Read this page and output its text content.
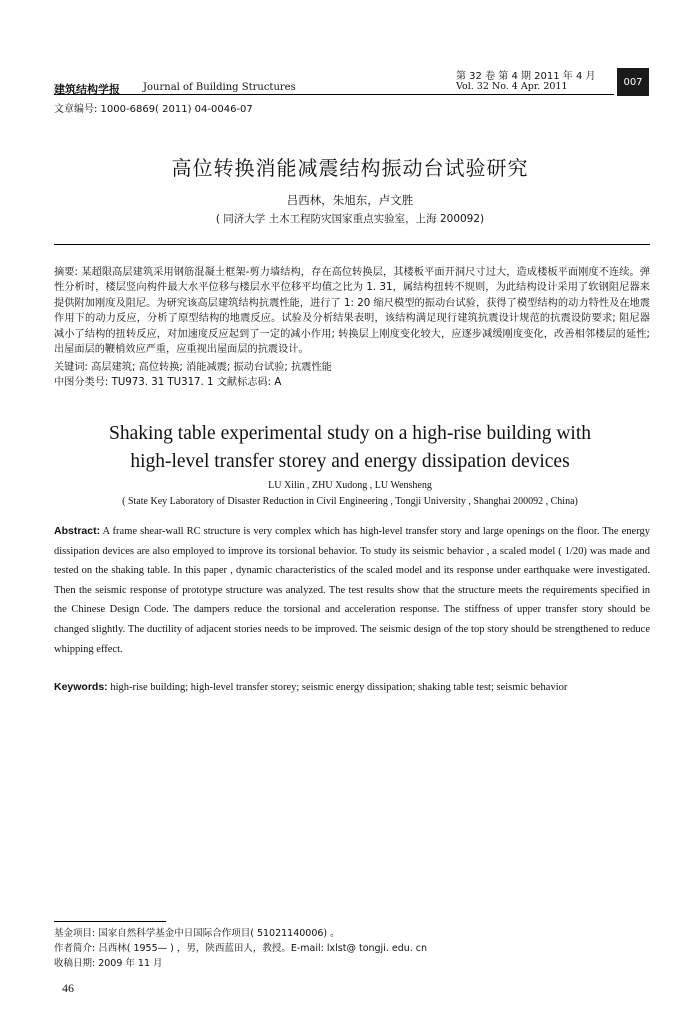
建筑结构学报 Journal of Building Structures
第 32 卷 第 4 期 2011 年 4 月
Vol. 32 No. 4 Apr. 2011	007
文章编号: 1000-6869( 2011) 04-0046-07
高位转换消能减震结构振动台试验研究
吕西林，朱旭东，卢文胜
( 同济大学 土木工程防灾国家重点实验室，上海 200092)
摘要: 某超限高层建筑采用钢筋混凝土框架-剪力墙结构，存在高位转换层，其楼板平面开洞尺寸过大，造成楼板平面刚度不连续。弹性分析时，楼层竖向构件最大水平位移与楼层水平位移平均值之比为 1. 31，属结构扭转不规则，为此结构设计采用了软钢阻尼器来提供附加刚度及阻尼。为研究该高层建筑结构抗震性能，进行了 1: 20 缩尺模型的振动台试验，获得了模型结构的动力特性及在地震作用下的动力反应，分析了原型结构的地震反应。试验及分析结果表明，该结构满足现行建筑抗震设计规范的抗震设防要求; 阻尼器减小了结构的扭转反应，对加速度反应起到了一定的减小作用; 转换层上刚度变化较大，应逐步减缓刚度变化，改善相邻楼层的延性; 出屋面层的鞭梢效应严重，应重视出屋面层的抗震设计。
关键词: 高层建筑; 高位转换; 消能减震; 振动台试验; 抗震性能
中图分类号: TU973. 31 TU317. 1 文献标志码: A
Shaking table experimental study on a high-rise building with
high-level transfer storey and energy dissipation devices
LU Xilin , ZHU Xudong , LU Wensheng
( State Key Laboratory of Disaster Reduction in Civil Engineering , Tongji University , Shanghai 200092 , China)
Abstract: A frame shear-wall RC structure is very complex which has high-level transfer story and large openings on the floor. The energy dissipation devices are also employed to improve its torsional behavior. To study its seismic behavior , a scaled model ( 1/20) was made and tested on the shaking table. In this paper , dynamic characteristics of the scaled model and its response under earthquake were investigated. Then the seismic response of prototype structure was analyzed. The test results show that the structure meets the requirements specified in the Chinese Design Code. The dampers reduce the torsional and acceleration response. The stiffness of upper transfer story should be changed slightly. The ductility of adjacent stories needs to be improved. The seismic design of the top story should be strengthened to reduce whipping effect.
Keywords: high-rise building; high-level transfer storey; seismic energy dissipation; shaking table test; seismic behavior
基金项目: 国家自然科学基金中日国际合作项目( 51021140006) 。
作者简介: 吕西林( 1955— ) ，男，陕西蓝田人，教授。E-mail: lxlst@ tongji. edu. cn
收稿日期: 2009 年 11 月
46
